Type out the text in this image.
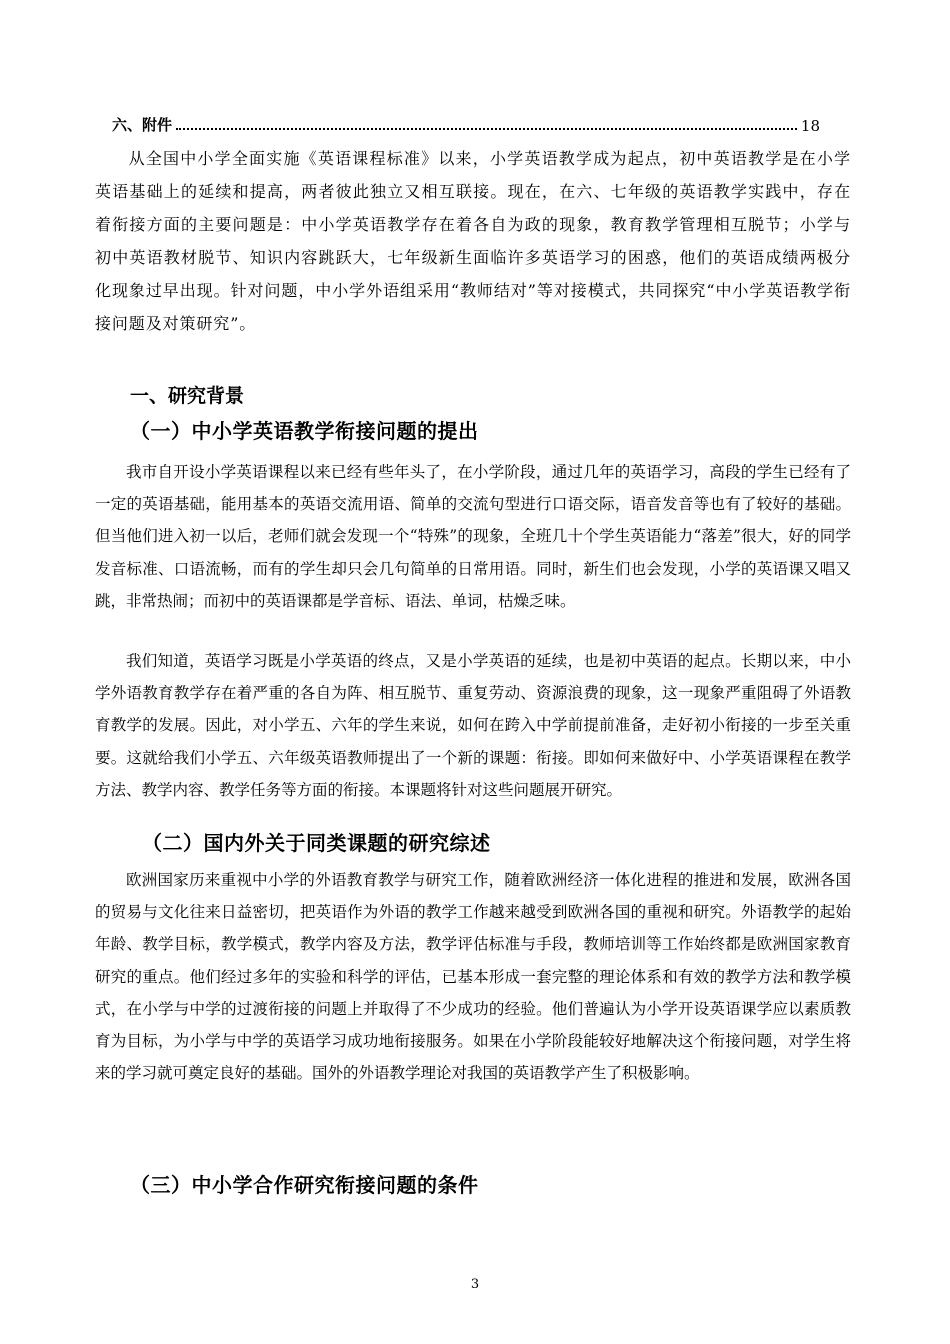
六、附件	18

从全国中小学全面实施《英语课程标准》以来，小学英语教学成为起点，初中英语教学是在小学英语基础上的延续和提高，两者彼此独立又相互联接。现在，在六、七年级的英语教学实践中，存在着衔接方面的主要问题是：中小学英语教学存在着各自为政的现象，教育教学管理相互脱节；小学与初中英语教材脱节、知识内容跳跃大，七年级新生面临许多英语学习的困惑，他们的英语成绩两极分化现象过早出现。针对问题，中小学外语组采用“教师结对”等对接模式，共同探究“中小学英语教学衔接问题及对策研究”。

一、研究背景
（一）中小学英语教学衔接问题的提出

我市自开设小学英语课程以来已经有些年头了，在小学阶段，通过几年的英语学习，高段的学生已经有了一定的英语基础，能用基本的英语交流用语、简单的交流句型进行口语交际，语音发音等也有了较好的基础。但当他们进入初一以后，老师们就会发现一个“特殊”的现象，全班几十个学生英语能力“落差”很大，好的同学发音标准、口语流畅，而有的学生却只会几句简单的日常用语。同时，新生们也会发现，小学的英语课又唱又跳，非常热闹；而初中的英语课都是学音标、语法、单词，枯燥乏味。

我们知道，英语学习既是小学英语的终点，又是小学英语的延续，也是初中英语的起点。长期以来，中小学外语教育教学存在着严重的各自为阵、相互脱节、重复劳动、资源浪费的现象，这一现象严重阻碍了外语教育教学的发展。因此，对小学五、六年的学生来说，如何在跨入中学前提前准备，走好初小衔接的一步至关重要。这就给我们小学五、六年级英语教师提出了一个新的课题：衔接。即如何来做好中、小学英语课程在教学方法、教学内容、教学任务等方面的衔接。本课题将针对这些问题展开研究。

（二）国内外关于同类课题的研究综述

欧洲国家历来重视中小学的外语教育教学与研究工作，随着欧洲经济一体化进程的推进和发展，欧洲各国的贸易与文化往来日益密切，把英语作为外语的教学工作越来越受到欧洲各国的重视和研究。外语教学的起始年龄、教学目标，教学模式，教学内容及方法，教学评估标准与手段，教师培训等工作始终都是欧洲国家教育研究的重点。他们经过多年的实验和科学的评估，已基本形成一套完整的理论体系和有效的教学方法和教学模式，在小学与中学的过渡衔接的问题上并取得了不少成功的经验。他们普遍认为小学开设英语课学应以素质教育为目标，为小学与中学的英语学习成功地衔接服务。如果在小学阶段能较好地解决这个衔接问题，对学生将来的学习就可奠定良好的基础。国外的外语教学理论对我国的英语教学产生了积极影响。

（三）中小学合作研究衔接问题的条件
3
